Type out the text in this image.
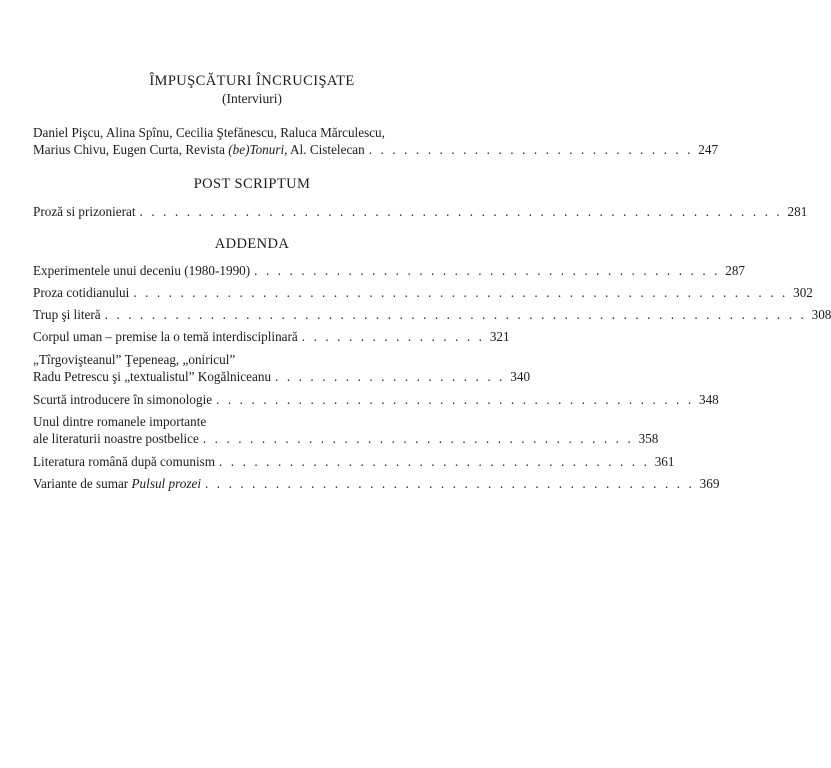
ÎMPUŞCĂTURI ÎNCRUCIŞATE

(Interviuri)

Daniel Pişcu, Alina Spînu, Cecilia Ştefănescu, Raluca Mărculescu,
Marius Chivu, Eugen Curta, Revista (be)Tonuri, Al. Cistelecan . . . . . . . . . . . . . . . . . . . . . . . . . . . . 247

POST SCRIPTUM

Proză si prizonierat . . . . . . . . . . . . . . . . . . . . . . . . . . . . . . . . . . . . . . . . . . . . . . . . . . . . . . . 281

ADDENDA

Experimentele unui deceniu (1980-1990) . . . . . . . . . . . . . . . . . . . . . . . . . . . . . . . . . . . . . . . . 287
Proza cotidianului . . . . . . . . . . . . . . . . . . . . . . . . . . . . . . . . . . . . . . . . . . . . . . . . . . . . . . . . 302
Trup şi literă . . . . . . . . . . . . . . . . . . . . . . . . . . . . . . . . . . . . . . . . . . . . . . . . . . . . . . . . . . . . 308
Corpul uman – premise la o temă interdisciplinară . . . . . . . . . . . . . . . . 321
„Tîrgovişteanul” Ţepeneag, „oniricul”
Radu Petrescu şi „textualistul” Kogălniceanu . . . . . . . . . . . . . . . . . . . . 340
Scurtă introducere în simonologie . . . . . . . . . . . . . . . . . . . . . . . . . . . . . . . . . . . . . . . . . 348
Unul dintre romanele importante
ale literaturii noastre postbelice . . . . . . . . . . . . . . . . . . . . . . . . . . . . . . . . . . . . . 358
Literatura română după comunism . . . . . . . . . . . . . . . . . . . . . . . . . . . . . . . . . . . . . 361
Variante de sumar Pulsul prozei . . . . . . . . . . . . . . . . . . . . . . . . . . . . . . . . . . . . . . . . . . 369
